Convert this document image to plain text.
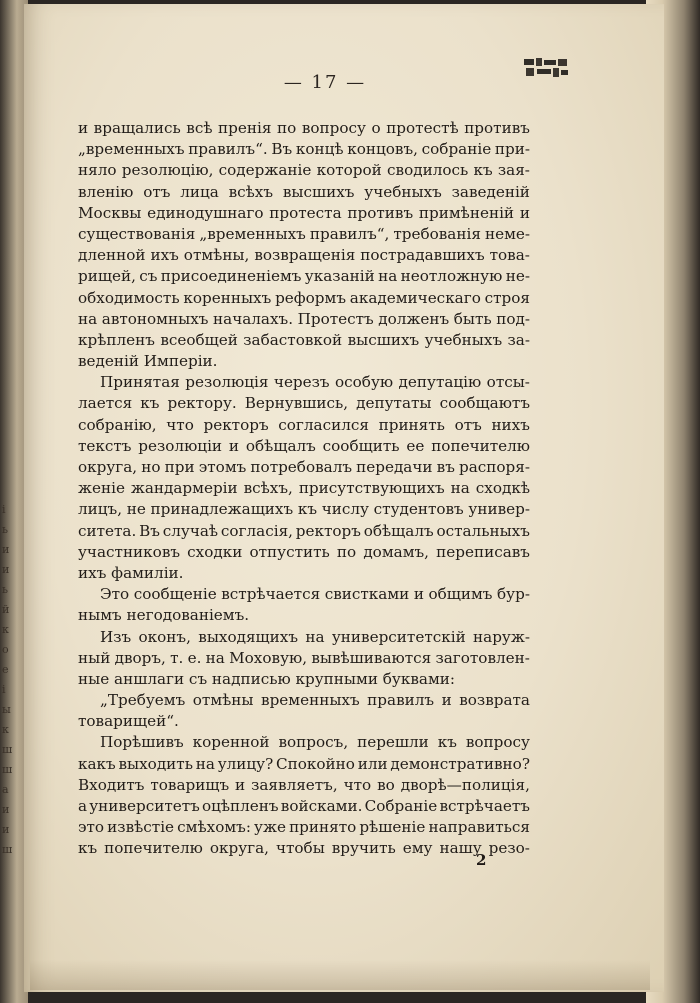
і
ь
и
и
ь
й
к
о
е
і
ы
к
ш
ш
а
и
и
ш
— 17 —
и вращались всѣ пренія по вопросу о протестѣ противъ
„временныхъ правилъ“. Въ концѣ концовъ, собраніе при-
няло резолюцію, содержаніе которой сводилось къ зая-
вленію отъ лица всѣхъ высшихъ учебныхъ заведеній
Москвы единодушнаго протеста противъ примѣненій и
существованія „временныхъ правилъ“, требованія неме-
дленной ихъ отмѣны, возвращенія пострадавшихъ това-
рищей, съ присоединеніемъ указаній на неотложную не-
обходимость коренныхъ реформъ академическаго строя
на автономныхъ началахъ. Протестъ долженъ быть под-
крѣпленъ всеобщей забастовкой высшихъ учебныхъ за-
веденій Имперіи.
Принятая резолюція черезъ особую депутацію отсы-
лается къ ректору. Вернувшись, депутаты сообщаютъ
собранію, что ректоръ согласился принять отъ нихъ
текстъ резолюціи и обѣщалъ сообщить ее попечителю
округа, но при этомъ потребовалъ передачи въ распоря-
женіе жандармеріи всѣхъ, присутствующихъ на сходкѣ
лицъ, не принадлежащихъ къ числу студентовъ универ-
ситета. Въ случаѣ согласія, ректоръ обѣщалъ остальныхъ
участниковъ сходки отпустить по домамъ, переписавъ
ихъ фамиліи.
Это сообщеніе встрѣчается свистками и общимъ бур-
нымъ негодованіемъ.
Изъ оконъ, выходящихъ на университетскій наруж-
ный дворъ, т. е. на Моховую, вывѣшиваются заготовлен-
ные аншлаги съ надписью крупными буквами:
„Требуемъ отмѣны временныхъ правилъ и возврата
товарищей“.
Порѣшивъ коренной вопросъ, перешли къ вопросу
какъ выходить на улицу? Спокойно или демонстративно?
Входитъ товарищъ и заявляетъ, что во дворѣ—полиція,
а университетъ оцѣпленъ войсками. Собраніе встрѣчаетъ
это извѣстіе смѣхомъ: уже принято рѣшеніе направиться
къ попечителю округа, чтобы вручить ему нашу резо-
2
